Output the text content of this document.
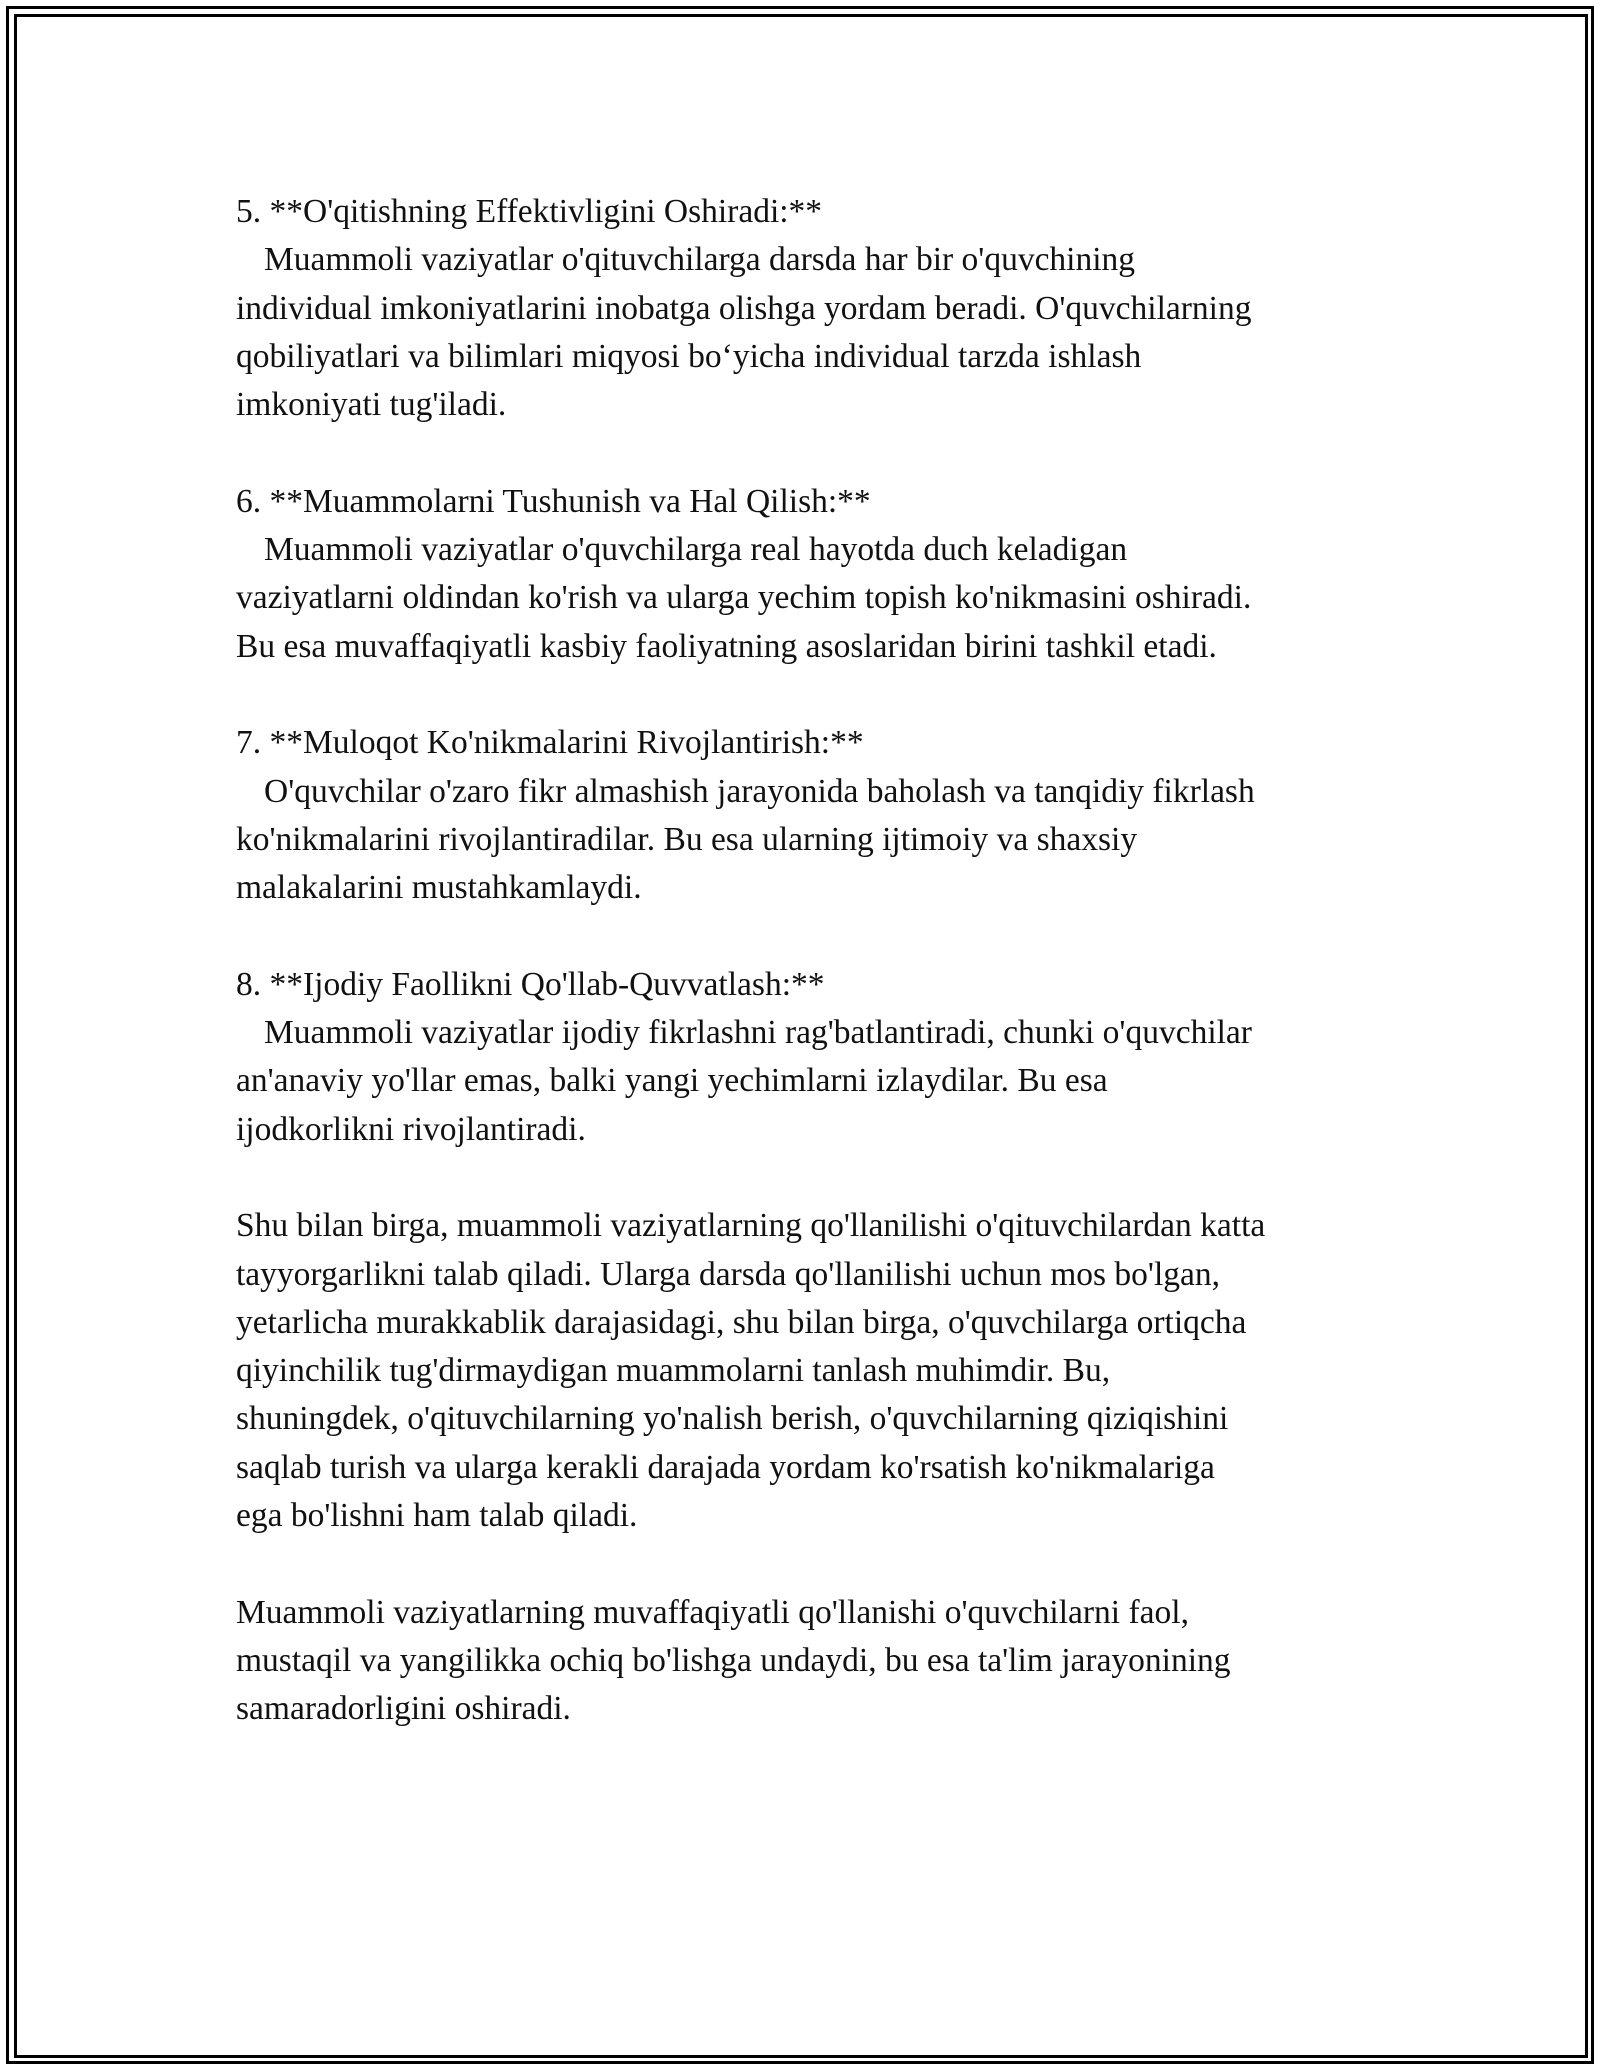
5. **O'qitishning Effektivligini Oshiradi:**
Muammoli vaziyatlar o'qituvchilarga darsda har bir o'quvchining
individual imkoniyatlarini inobatga olishga yordam beradi. O'quvchilarning
qobiliyatlari va bilimlari miqyosi bo‘yicha individual tarzda ishlash
imkoniyati tug'iladi.
6. **Muammolarni Tushunish va Hal Qilish:**
Muammoli vaziyatlar o'quvchilarga real hayotda duch keladigan
vaziyatlarni oldindan ko'rish va ularga yechim topish ko'nikmasini oshiradi.
Bu esa muvaffaqiyatli kasbiy faoliyatning asoslaridan birini tashkil etadi.
7. **Muloqot Ko'nikmalarini Rivojlantirish:**
O'quvchilar o'zaro fikr almashish jarayonida baholash va tanqidiy fikrlash
ko'nikmalarini rivojlantiradilar. Bu esa ularning ijtimoiy va shaxsiy
malakalarini mustahkamlaydi.
8. **Ijodiy Faollikni Qo'llab-Quvvatlash:**
Muammoli vaziyatlar ijodiy fikrlashni rag'batlantiradi, chunki o'quvchilar
an'anaviy yo'llar emas, balki yangi yechimlarni izlaydilar. Bu esa
ijodkorlikni rivojlantiradi.
Shu bilan birga, muammoli vaziyatlarning qo'llanilishi o'qituvchilardan katta
tayyorgarlikni talab qiladi. Ularga darsda qo'llanilishi uchun mos bo'lgan,
yetarlicha murakkablik darajasidagi, shu bilan birga, o'quvchilarga ortiqcha
qiyinchilik tug'dirmaydigan muammolarni tanlash muhimdir. Bu,
shuningdek, o'qituvchilarning yo'nalish berish, o'quvchilarning qiziqishini
saqlab turish va ularga kerakli darajada yordam ko'rsatish ko'nikmalariga
ega bo'lishni ham talab qiladi.
Muammoli vaziyatlarning muvaffaqiyatli qo'llanishi o'quvchilarni faol,
mustaqil va yangilikka ochiq bo'lishga undaydi, bu esa ta'lim jarayonining
samaradorligini oshiradi.
